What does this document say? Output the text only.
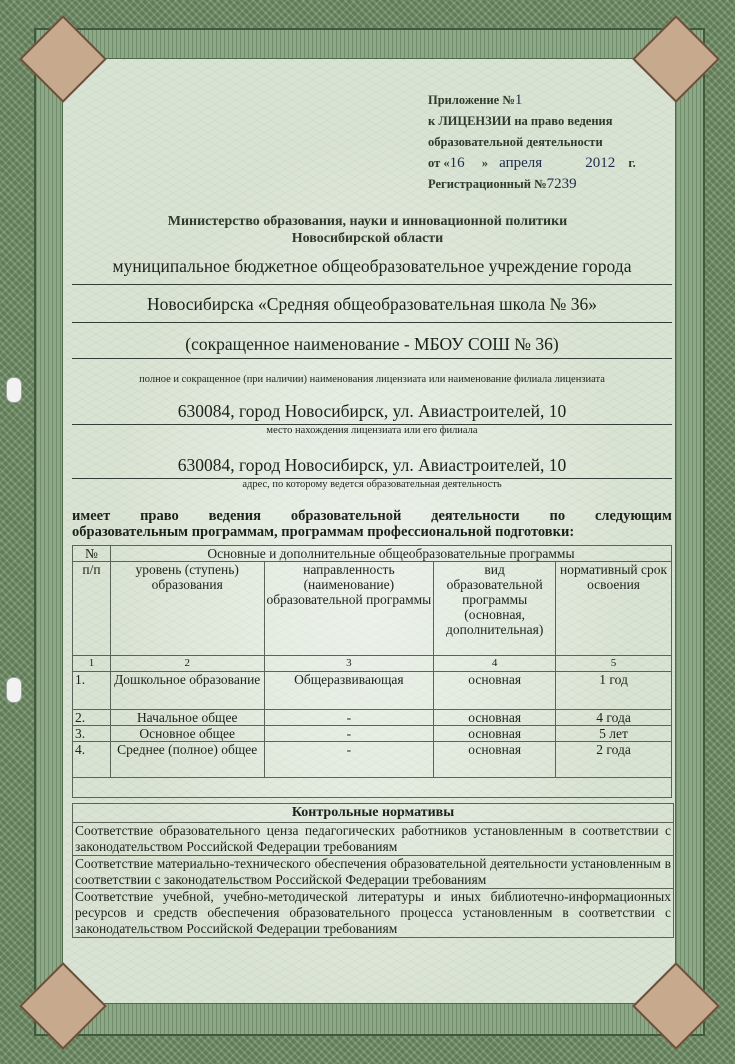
Приложение №1
к ЛИЦЕНЗИИ на право ведения
образовательной деятельности
от «16 » апреля	2012 г.
Регистрационный №7239
Министерство образования, науки и инновационной политики
Новосибирской области
муниципальное бюджетное общеобразовательное учреждение города
Новосибирска «Средняя общеобразовательная школа № 36»
(сокращенное наименование - МБОУ СОШ № 36)
полное и сокращенное (при наличии) наименования лицензиата или наименование филиала лицензиата
630084, город Новосибирск, ул. Авиастроителей, 10
место нахождения лицензиата или его филиала
630084, город Новосибирск, ул. Авиастроителей, 10
адрес, по которому ведется образовательная деятельность
имеет право ведения образовательной деятельности по следующим
образовательным программам, программам профессиональной подготовки:
№	Основные и дополнительные общеобразовательные программы			
п/п	уровень (ступень) образования	направленность (наименование) образовательной программы	вид образовательной программы (основная, дополнительная)	нормативный срок освоения
1	2	3	4	5
1.	Дошкольное образование	Общеразвивающая	основная	1 год
2.	Начальное общее	-	основная	4 года
3.	Основное общее	-	основная	5 лет
4.	Среднее (полное) общее	-	основная	2 года

Контрольные нормативы
Соответствие образовательного ценза педагогических работников установленным в соответствии с законодательством Российской Федерации требованиям
Соответствие материально-технического обеспечения образовательной деятельности установленным в соответствии с законодательством Российской Федерации требованиям
Соответствие учебной, учебно-методической литературы и иных библиотечно-информационных ресурсов и средств обеспечения образовательного процесса установленным в соответствии с законодательством Российской Федерации требованиям
